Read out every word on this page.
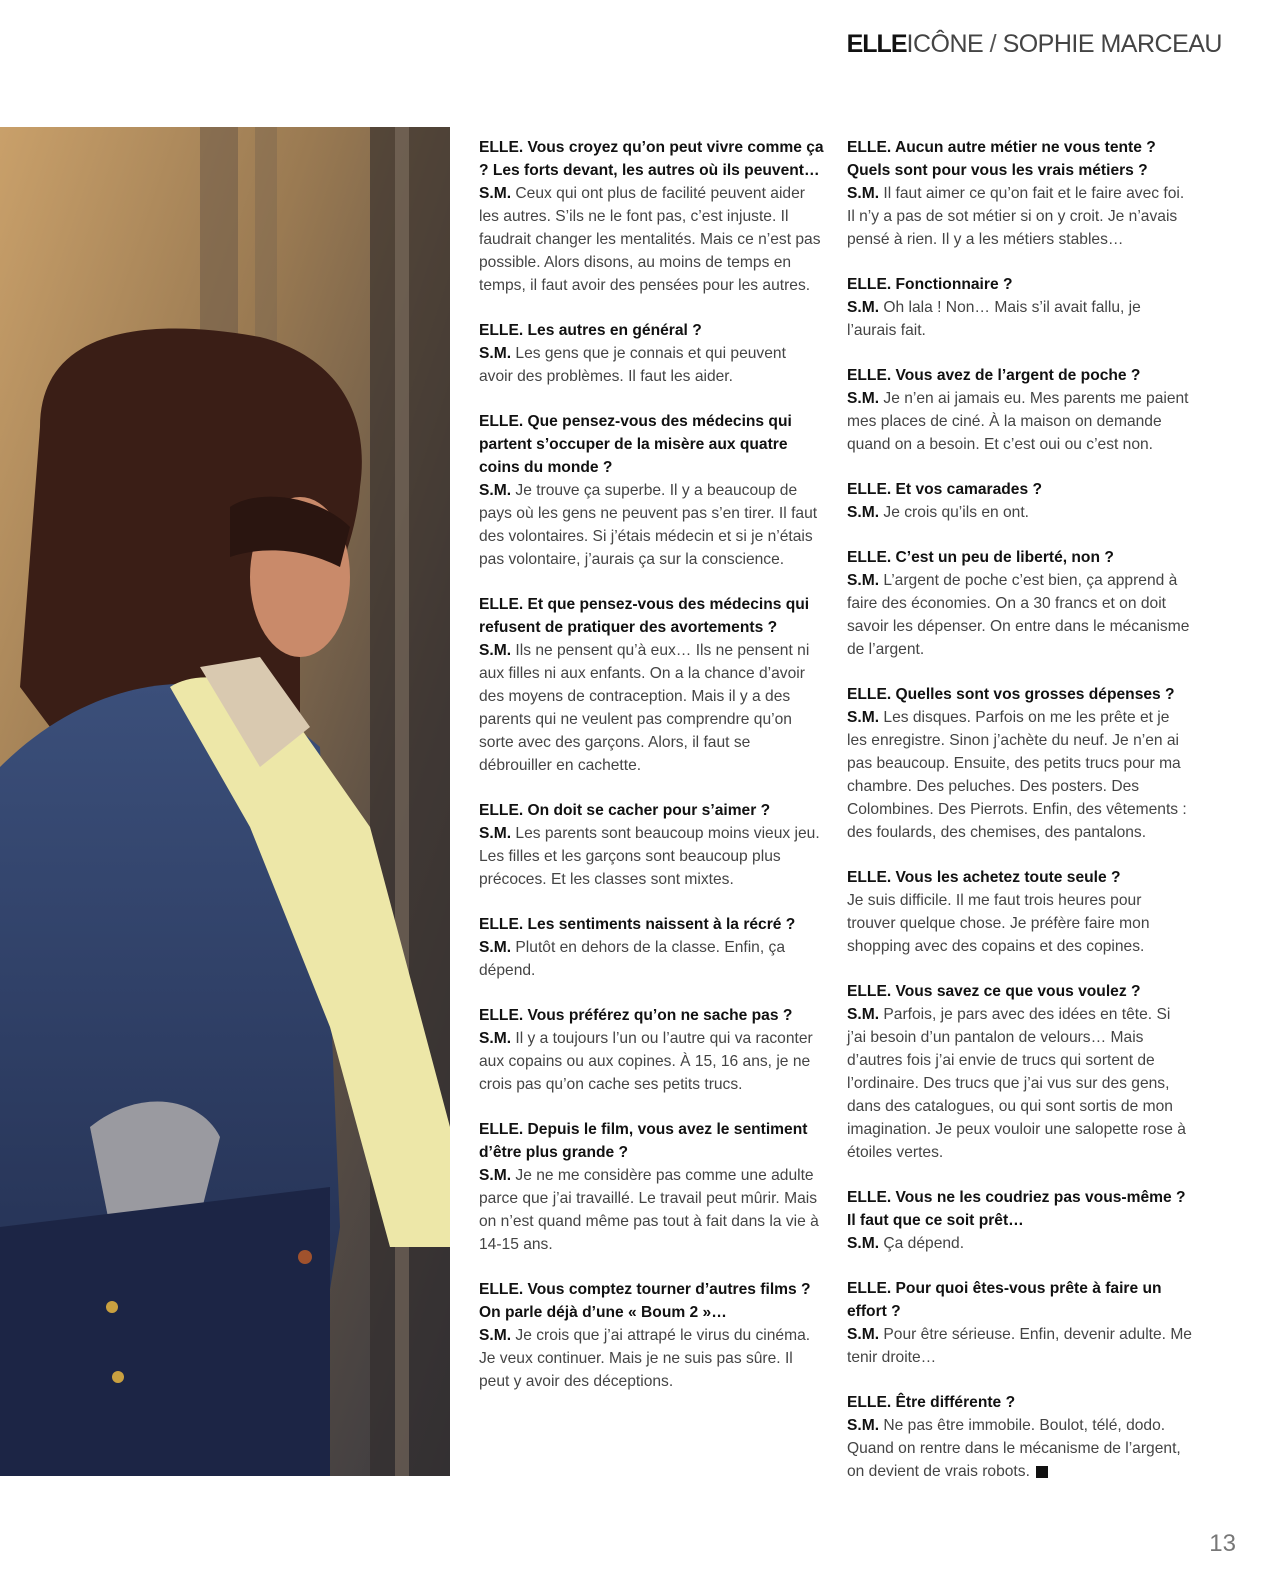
ELLEICÔNE / SOPHIE MARCEAU
ELLE. Vous croyez qu’on peut vivre comme ça ? Les forts devant, les autres où ils peuvent…
S.M. Ceux qui ont plus de facilité peuvent aider les autres. S’ils ne le font pas, c’est injuste. Il faudrait changer les mentalités. Mais ce n’est pas possible. Alors disons, au moins de temps en temps, il faut avoir des pensées pour les autres.
ELLE. Les autres en général ?
S.M. Les gens que je connais et qui peuvent avoir des problèmes. Il faut les aider.
ELLE. Que pensez-vous des médecins qui partent s’occuper de la misère aux quatre coins du monde ?
S.M. Je trouve ça superbe. Il y a beaucoup de pays où les gens ne peuvent pas s’en tirer. Il faut des volontaires. Si j’étais médecin et si je n’étais pas volontaire, j’aurais ça sur la conscience.
ELLE. Et que pensez-vous des médecins qui refusent de pratiquer des avortements ?
S.M. Ils ne pensent qu’à eux… Ils ne pensent ni aux filles ni aux enfants. On a la chance d’avoir des moyens de contraception. Mais il y a des parents qui ne veulent pas comprendre qu’on sorte avec des garçons. Alors, il faut se débrouiller en cachette.
ELLE. On doit se cacher pour s’aimer ?
S.M. Les parents sont beaucoup moins vieux jeu. Les filles et les garçons sont beaucoup plus précoces. Et les classes sont mixtes.
ELLE. Les sentiments naissent à la récré ?
S.M. Plutôt en dehors de la classe. Enfin, ça dépend.
ELLE. Vous préférez qu’on ne sache pas ?
S.M. Il y a toujours l’un ou l’autre qui va raconter aux copains ou aux copines. À 15, 16 ans, je ne crois pas qu’on cache ses petits trucs.
ELLE. Depuis le film, vous avez le sentiment d’être plus grande ?
S.M. Je ne me considère pas comme une adulte parce que j’ai travaillé. Le travail peut mûrir. Mais on n’est quand même pas tout à fait dans la vie à 14-15 ans.
ELLE. Vous comptez tourner d’autres films ? On parle déjà d’une « Boum 2 »…
S.M. Je crois que j’ai attrapé le virus du cinéma. Je veux continuer. Mais je ne suis pas sûre. Il peut y avoir des déceptions.
ELLE. Aucun autre métier ne vous tente ? Quels sont pour vous les vrais métiers ?
S.M. Il faut aimer ce qu’on fait et le faire avec foi. Il n’y a pas de sot métier si on y croit. Je n’avais pensé à rien. Il y a les métiers stables…
ELLE. Fonctionnaire ?
S.M. Oh lala ! Non… Mais s’il avait fallu, je l’aurais fait.
ELLE. Vous avez de l’argent de poche ?
S.M. Je n’en ai jamais eu. Mes parents me paient mes places de ciné. À la maison on demande quand on a besoin. Et c’est oui ou c’est non.
ELLE. Et vos camarades ?
S.M. Je crois qu’ils en ont.
ELLE. C’est un peu de liberté, non ?
S.M. L’argent de poche c’est bien, ça apprend à faire des économies. On a 30 francs et on doit savoir les dépenser. On entre dans le mécanisme de l’argent.
ELLE. Quelles sont vos grosses dépenses ?
S.M. Les disques. Parfois on me les prête et je les enregistre. Sinon j’achète du neuf. Je n’en ai pas beaucoup. Ensuite, des petits trucs pour ma chambre. Des peluches. Des posters. Des Colombines. Des Pierrots. Enfin, des vêtements : des foulards, des chemises, des pantalons.
ELLE. Vous les achetez toute seule ?
Je suis difficile. Il me faut trois heures pour trouver quelque chose. Je préfère faire mon shopping avec des copains et des copines.
ELLE. Vous savez ce que vous voulez ?
S.M. Parfois, je pars avec des idées en tête. Si j’ai besoin d’un pantalon de velours… Mais d’autres fois j’ai envie de trucs qui sortent de l’ordinaire. Des trucs que j’ai vus sur des gens, dans des catalogues, ou qui sont sortis de mon imagination. Je peux vouloir une salopette rose à étoiles vertes.
ELLE. Vous ne les coudriez pas vous-même ? Il faut que ce soit prêt…
S.M. Ça dépend.
ELLE. Pour quoi êtes-vous prête à faire un effort ?
S.M. Pour être sérieuse. Enfin, devenir adulte. Me tenir droite…
ELLE. Être différente ?
S.M. Ne pas être immobile. Boulot, télé, dodo. Quand on rentre dans le mécanisme de l’argent, on devient de vrais robots.
13
